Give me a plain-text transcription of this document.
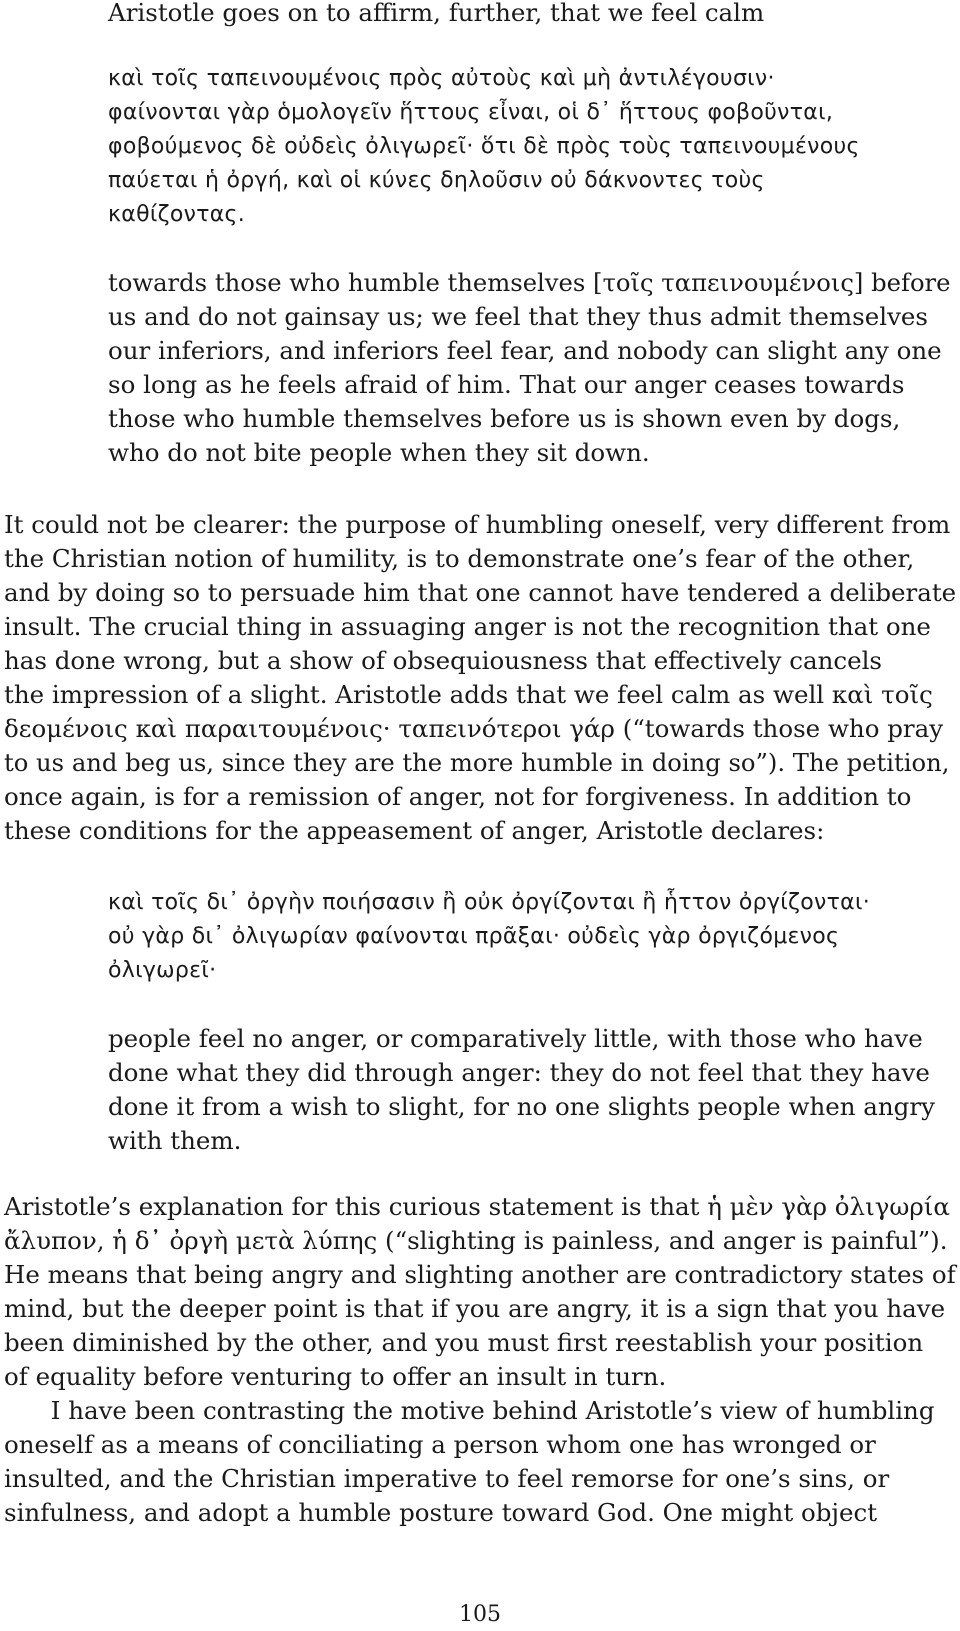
Aristotle goes on to affirm, further, that we feel calm
καὶ τοῖς ταπεινουμένοις πρὸς αὐτοὺς καὶ μὴ ἀντιλέγουσιν·
φαίνονται γὰρ ὁμολογεῖν ἥττους εἶναι, οἱ δ᾽ ἥττους φοβοῦνται,
φοβούμενος δὲ οὐδεὶς ὀλιγωρεῖ· ὅτι δὲ πρὸς τοὺς ταπεινουμένους
παύεται ἡ ὀργή, καὶ οἱ κύνες δηλοῦσιν οὐ δάκνοντες τοὺς
καθίζοντας.
towards those who humble themselves [τοῖς ταπεινουμένοις] before
us and do not gainsay us; we feel that they thus admit themselves
our inferiors, and inferiors feel fear, and nobody can slight any one
so long as he feels afraid of him. That our anger ceases towards
those who humble themselves before us is shown even by dogs,
who do not bite people when they sit down.
It could not be clearer: the purpose of humbling oneself, very different from
the Christian notion of humility, is to demonstrate one’s fear of the other,
and by doing so to persuade him that one cannot have tendered a deliberate
insult. The crucial thing in assuaging anger is not the recognition that one
has done wrong, but a show of obsequiousness that effectively cancels
the impression of a slight. Aristotle adds that we feel calm as well καὶ τοῖς
δεομένοις καὶ παραιτουμένοις· ταπεινότεροι γάρ (“towards those who pray
to us and beg us, since they are the more humble in doing so”). The petition,
once again, is for a remission of anger, not for forgiveness. In addition to
these conditions for the appeasement of anger, Aristotle declares:
καὶ τοῖς δι᾽ ὀργὴν ποιήσασιν ἢ οὐκ ὀργίζονται ἢ ἧττον ὀργίζονται·
οὐ γὰρ δι᾽ ὀλιγωρίαν φαίνονται πρᾶξαι· οὐδεὶς γὰρ ὀργιζόμενος
ὀλιγωρεῖ·
people feel no anger, or comparatively little, with those who have
done what they did through anger: they do not feel that they have
done it from a wish to slight, for no one slights people when angry
with them.
Aristotle’s explanation for this curious statement is that ἡ μὲν γὰρ ὀλιγωρία
ἄλυπον, ἡ δ᾽ ὀργὴ μετὰ λύπης (“slighting is painless, and anger is painful”).
He means that being angry and slighting another are contradictory states of
mind, but the deeper point is that if you are angry, it is a sign that you have
been diminished by the other, and you must first reestablish your position
of equality before venturing to offer an insult in turn.
I have been contrasting the motive behind Aristotle’s view of humbling
oneself as a means of conciliating a person whom one has wronged or
insulted, and the Christian imperative to feel remorse for one’s sins, or
sinfulness, and adopt a humble posture toward God. One might object
105
